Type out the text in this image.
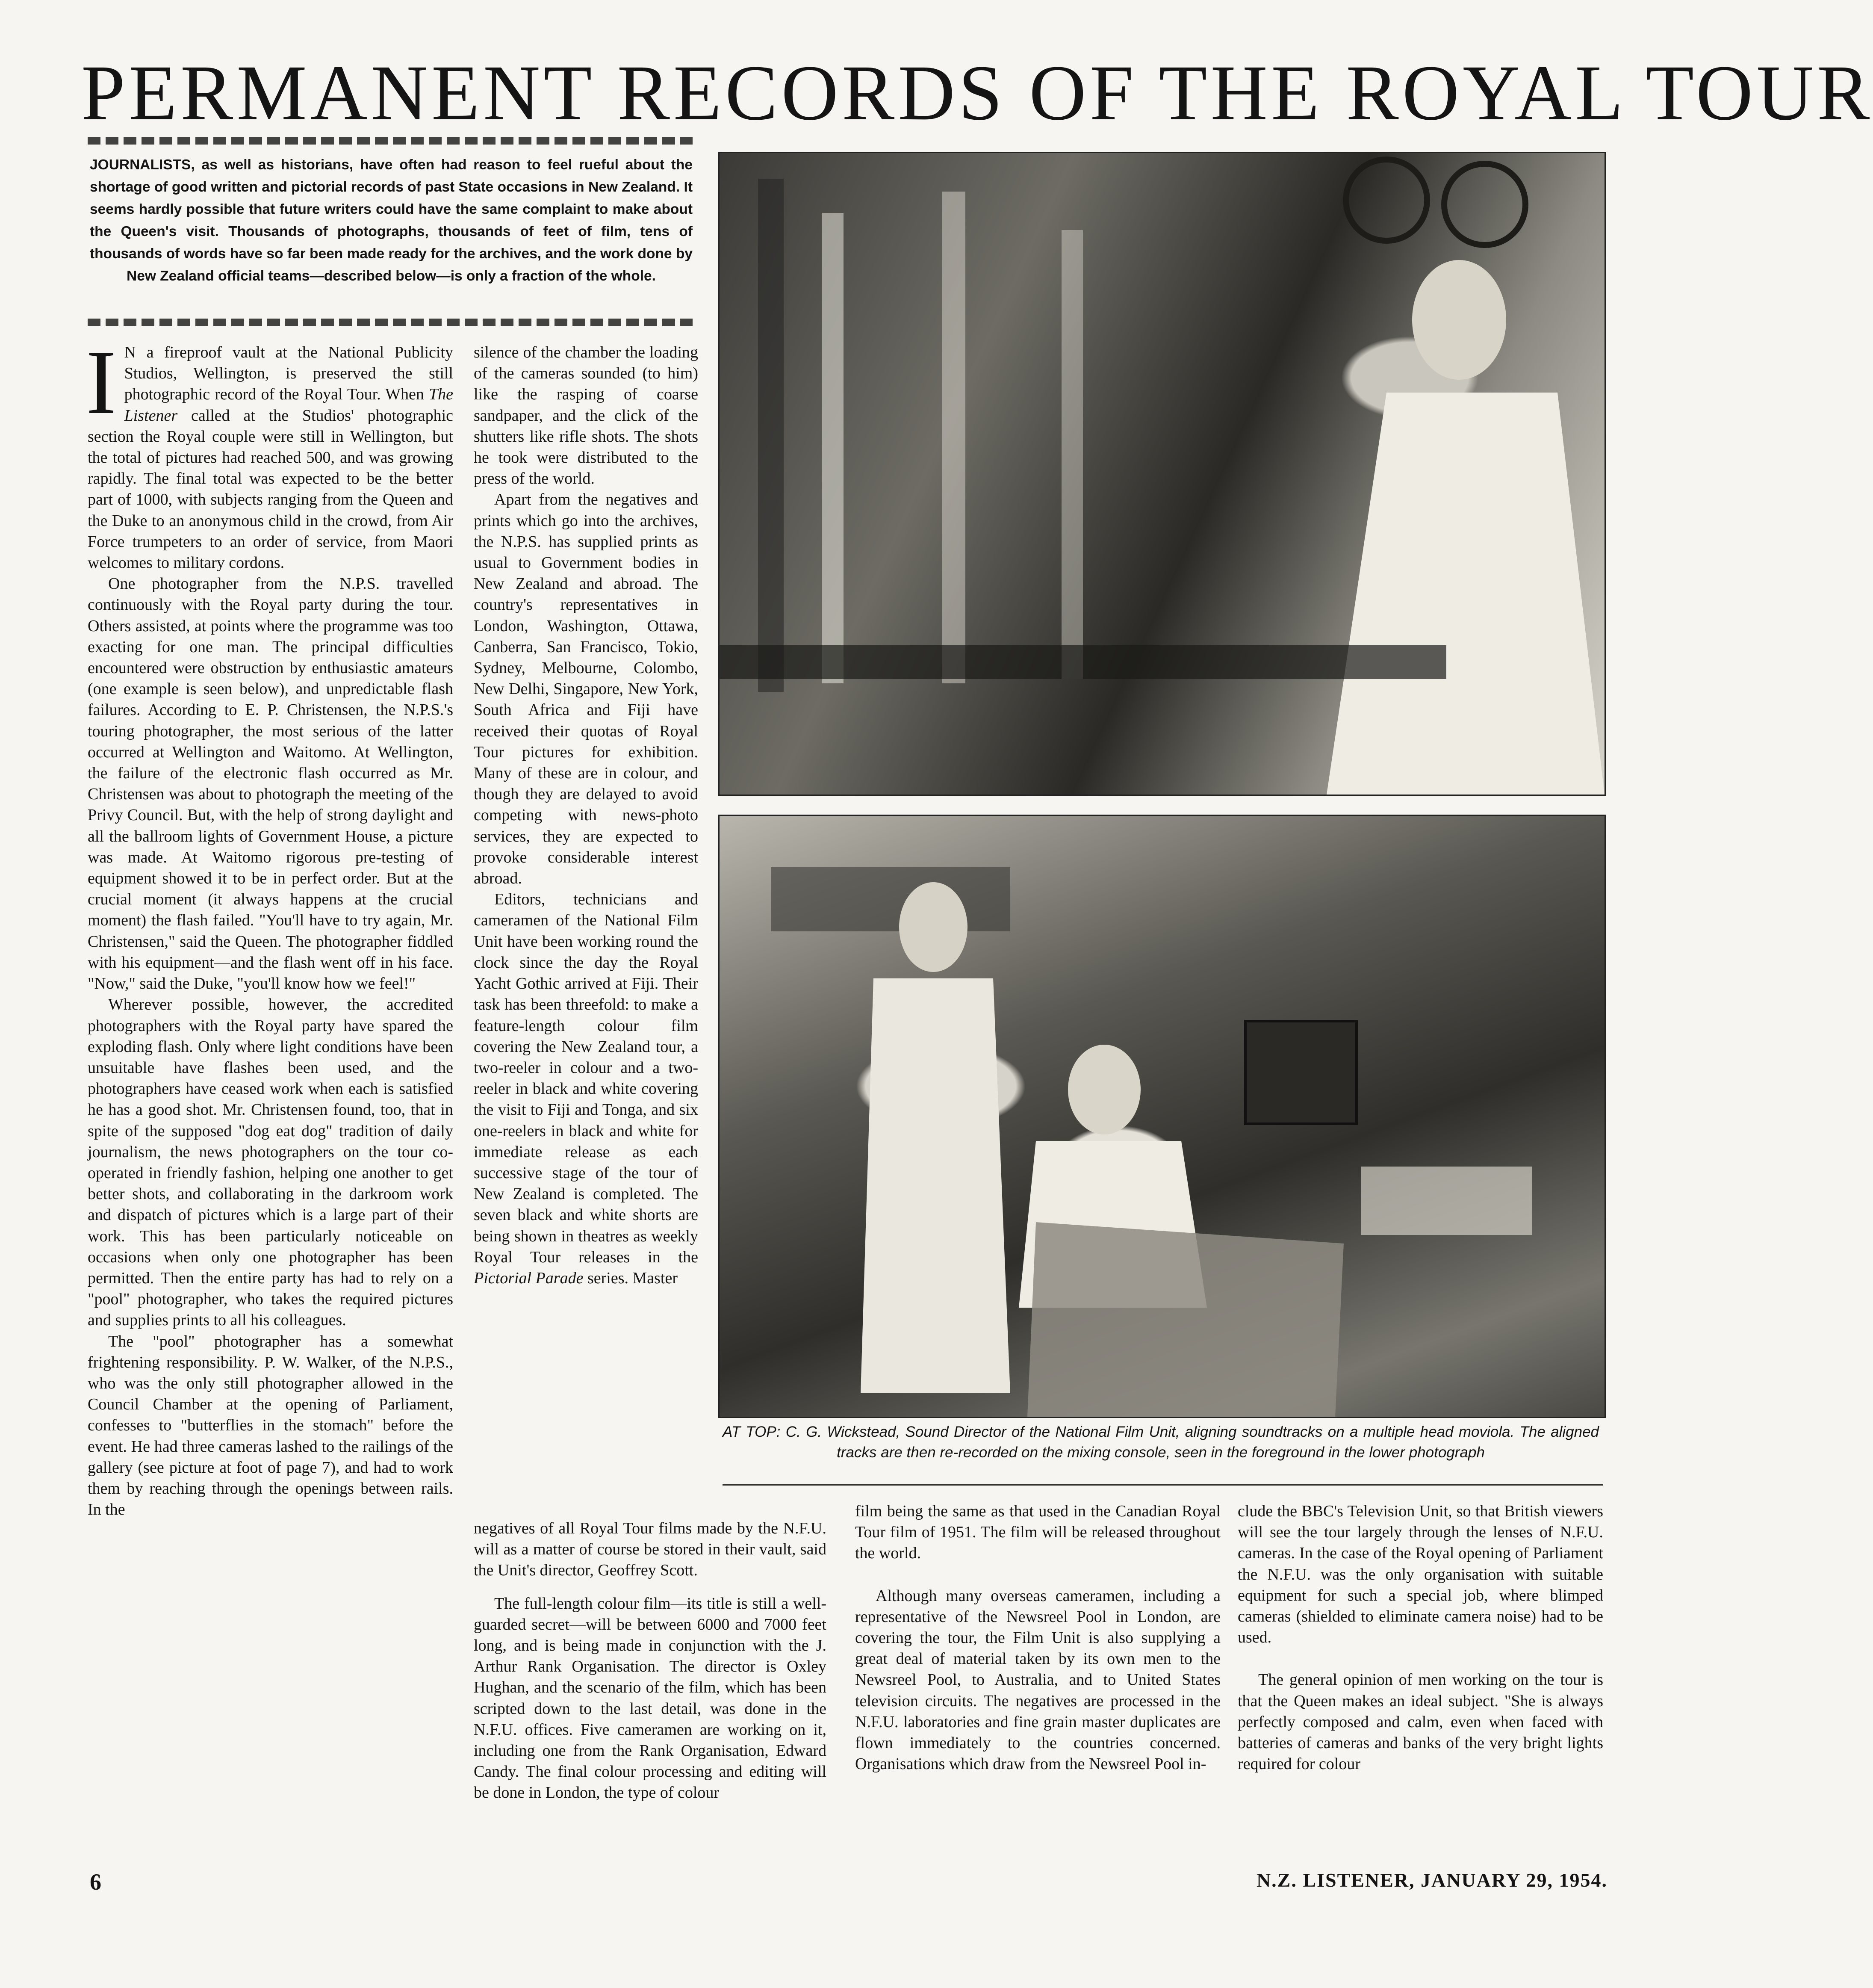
PERMANENT RECORDS OF THE ROYAL TOUR
JOURNALISTS, as well as historians, have often had reason to feel rueful about the shortage of good written and pictorial records of past State occasions in New Zealand. It seems hardly possible that future writers could have the same complaint to make about the Queen's visit. Thousands of photographs, thousands of feet of film, tens of thousands of words have so far been made ready for the archives, and the work done by New Zealand official teams—described below—is only a fraction of the whole.

I N a fireproof vault at the National Publicity Studios, Wellington, is preserved the still photographic record of the Royal Tour. When The Listener called at the Studios' photographic section the Royal couple were still in Wellington, but the total of pictures had reached 500, and was growing rapidly. The final total was expected to be the better part of 1000, with subjects ranging from the Queen and the Duke to an anonymous child in the crowd, from Air Force trumpeters to an order of service, from Maori welcomes to military cordons.

One photographer from the N.P.S. travelled continuously with the Royal party during the tour. Others assisted, at points where the programme was too exacting for one man. The principal difficulties encountered were obstruction by enthusiastic amateurs (one example is seen below), and unpredictable flash failures. According to E. P. Christensen, the N.P.S.'s touring photographer, the most serious of the latter occurred at Wellington and Waitomo. At Wellington, the failure of the electronic flash occurred as Mr. Christensen was about to photograph the meeting of the Privy Council. But, with the help of strong daylight and all the ballroom lights of Government House, a picture was made. At Waitomo rigorous pre-testing of equipment showed it to be in perfect order. But at the crucial moment (it always happens at the crucial moment) the flash failed. "You'll have to try again, Mr. Christensen," said the Queen. The photographer fiddled with his equipment—and the flash went off in his face. "Now," said the Duke, "you'll know how we feel!"

Wherever possible, however, the accredited photographers with the Royal party have spared the exploding flash. Only where light conditions have been unsuitable have flashes been used, and the photographers have ceased work when each is satisfied he has a good shot. Mr. Christensen found, too, that in spite of the supposed "dog eat dog" tradition of daily journalism, the news photographers on the tour co-operated in friendly fashion, helping one another to get better shots, and collaborating in the darkroom work and dispatch of pictures which is a large part of their work. This has been particularly noticeable on occasions when only one photographer has been permitted. Then the entire party has had to rely on a "pool" photographer, who takes the required pictures and supplies prints to all his colleagues.

The "pool" photographer has a somewhat frightening responsibility. P. W. Walker, of the N.P.S., who was the only still photographer allowed in the Council Chamber at the opening of Parliament, confesses to "butterflies in the stomach" before the event. He had three cameras lashed to the railings of the gallery (see picture at foot of page 7), and had to work them by reaching through the openings between rails. In the

silence of the chamber the loading of the cameras sounded (to him) like the rasping of coarse sandpaper, and the click of the shutters like rifle shots. The shots he took were distributed to the press of the world.

Apart from the negatives and prints which go into the archives, the N.P.S. has supplied prints as usual to Government bodies in New Zealand and abroad. The country's representatives in London, Washington, Ottawa, Canberra, San Francisco, Tokio, Sydney, Melbourne, Colombo, New Delhi, Singapore, New York, South Africa and Fiji have received their quotas of Royal Tour pictures for exhibition. Many of these are in colour, and though they are delayed to avoid competing with news-photo services, they are expected to provoke considerable interest abroad.

Editors, technicians and cameramen of the National Film Unit have been working round the clock since the day the Royal Yacht Gothic arrived at Fiji. Their task has been threefold: to make a feature-length colour film covering the New Zealand tour, a two-reeler in colour and a two-reeler in black and white covering the visit to Fiji and Tonga, and six one-reelers in black and white for immediate release as each successive stage of the tour of New Zealand is completed. The seven black and white shorts are being shown in theatres as weekly Royal Tour releases in the Pictorial Parade series. Master

AT TOP: C. G. Wickstead, Sound Director of the National Film Unit, aligning soundtracks on a multiple head moviola. The aligned tracks are then re-recorded on the mixing console, seen in the foreground in the lower photograph

negatives of all Royal Tour films made by the N.F.U. will as a matter of course be stored in their vault, said the Unit's director, Geoffrey Scott.

The full-length colour film—its title is still a well-guarded secret—will be between 6000 and 7000 feet long, and is being made in conjunction with the J. Arthur Rank Organisation. The director is Oxley Hughan, and the scenario of the film, which has been scripted down to the last detail, was done in the N.F.U. offices. Five cameramen are working on it, including one from the Rank Organisation, Edward Candy. The final colour processing and editing will be done in London, the type of colour

film being the same as that used in the Canadian Royal Tour film of 1951. The film will be released throughout the world.

Although many overseas cameramen, including a representative of the Newsreel Pool in London, are covering the tour, the Film Unit is also supplying a great deal of material taken by its own men to the Newsreel Pool, to Australia, and to United States television circuits. The negatives are processed in the N.F.U. laboratories and fine grain master duplicates are flown immediately to the countries concerned. Organisations which draw from the Newsreel Pool in-

clude the BBC's Television Unit, so that British viewers will see the tour largely through the lenses of N.F.U. cameras. In the case of the Royal opening of Parliament the N.F.U. was the only organisation with suitable equipment for such a special job, where blimped cameras (shielded to eliminate camera noise) had to be used.

The general opinion of men working on the tour is that the Queen makes an ideal subject. "She is always perfectly composed and calm, even when faced with batteries of cameras and banks of the very bright lights required for colour

6	N.Z. LISTENER, JANUARY 29, 1954.
